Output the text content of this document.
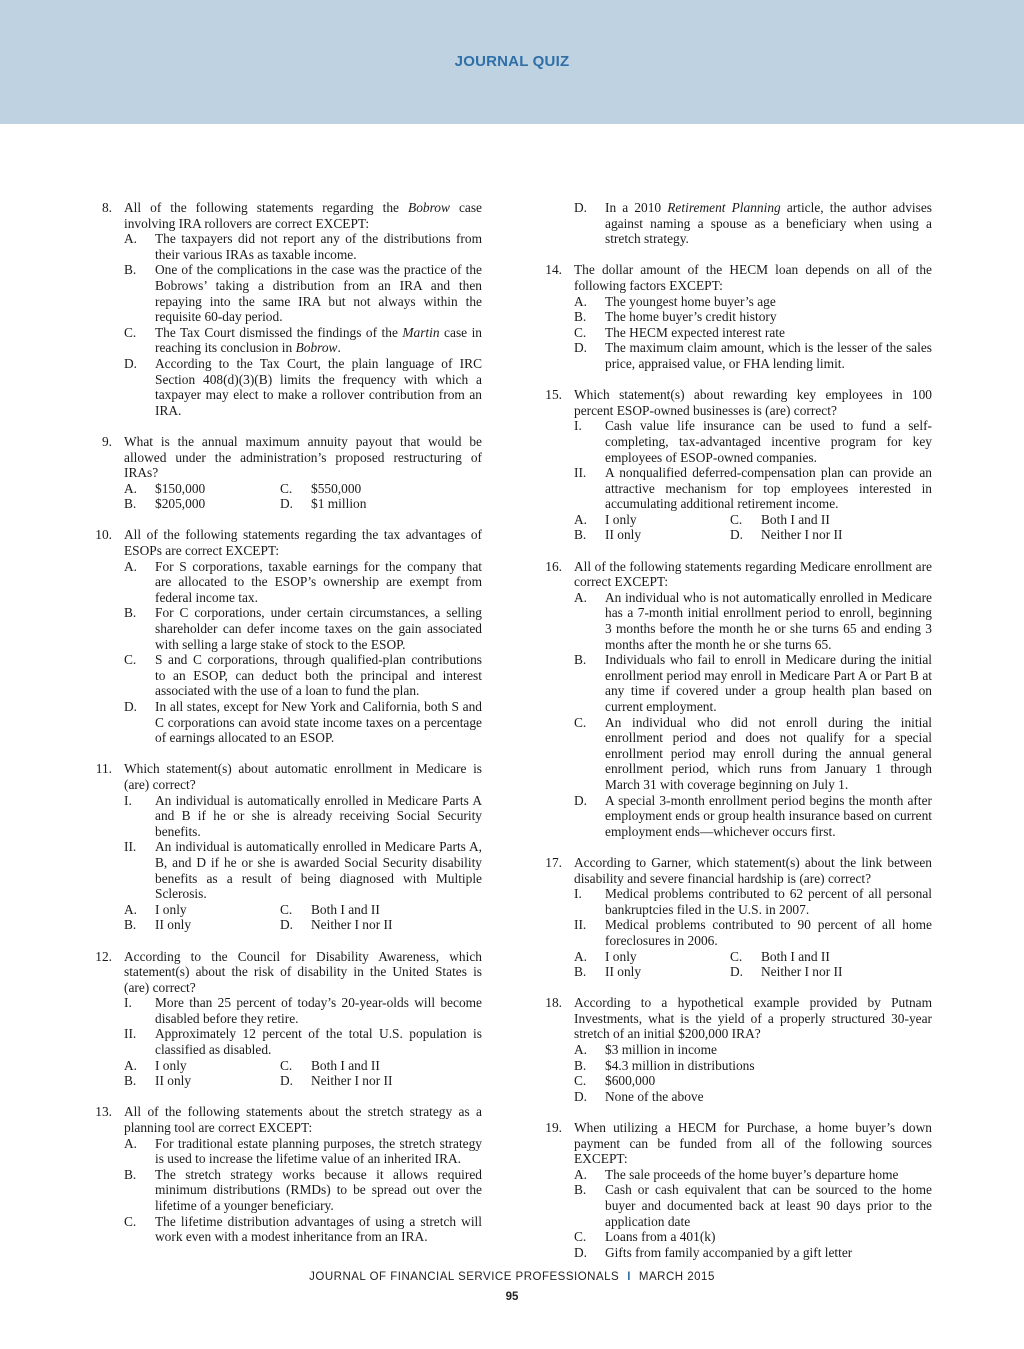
JOURNAL QUIZ
8. All of the following statements regarding the Bobrow case involving IRA rollovers are correct EXCEPT:
A. The taxpayers did not report any of the distributions from their various IRAs as taxable income.
B. One of the complications in the case was the practice of the Bobrows’ taking a distribution from an IRA and then repaying into the same IRA but not always within the requisite 60-day period.
C. The Tax Court dismissed the findings of the Martin case in reaching its conclusion in Bobrow.
D. According to the Tax Court, the plain language of IRC Section 408(d)(3)(B) limits the frequency with which a taxpayer may elect to make a rollover contribution from an IRA.
9. What is the annual maximum annuity payout that would be allowed under the administration’s proposed restructuring of IRAs?
A. $150,000	C. $550,000
B. $205,000	D. $1 million
10. All of the following statements regarding the tax advantages of ESOPs are correct EXCEPT:
A. For S corporations, taxable earnings for the company that are allocated to the ESOP’s ownership are exempt from federal income tax.
B. For C corporations, under certain circumstances, a selling shareholder can defer income taxes on the gain associated with selling a large stake of stock to the ESOP.
C. S and C corporations, through qualified-plan contributions to an ESOP, can deduct both the principal and interest associated with the use of a loan to fund the plan.
D. In all states, except for New York and California, both S and C corporations can avoid state income taxes on a percentage of earnings allocated to an ESOP.
11. Which statement(s) about automatic enrollment in Medicare is (are) correct?
I. An individual is automatically enrolled in Medicare Parts A and B if he or she is already receiving Social Security benefits.
II. An individual is automatically enrolled in Medicare Parts A, B, and D if he or she is awarded Social Security disability benefits as a result of being diagnosed with Multiple Sclerosis.
A. I only	C. Both I and II
B. II only	D. Neither I nor II
12. According to the Council for Disability Awareness, which statement(s) about the risk of disability in the United States is (are) correct?
I. More than 25 percent of today’s 20-year-olds will become disabled before they retire.
II. Approximately 12 percent of the total U.S. population is classified as disabled.
A. I only	C. Both I and II
B. II only	D. Neither I nor II
13. All of the following statements about the stretch strategy as a planning tool are correct EXCEPT:
A. For traditional estate planning purposes, the stretch strategy is used to increase the lifetime value of an inherited IRA.
B. The stretch strategy works because it allows required minimum distributions (RMDs) to be spread out over the lifetime of a younger beneficiary.
C. The lifetime distribution advantages of using a stretch will work even with a modest inheritance from an IRA.
D. In a 2010 Retirement Planning article, the author advises against naming a spouse as a beneficiary when using a stretch strategy.
14. The dollar amount of the HECM loan depends on all of the following factors EXCEPT:
A. The youngest home buyer’s age
B. The home buyer’s credit history
C. The HECM expected interest rate
D. The maximum claim amount, which is the lesser of the sales price, appraised value, or FHA lending limit.
15. Which statement(s) about rewarding key employees in 100 percent ESOP-owned businesses is (are) correct?
I. Cash value life insurance can be used to fund a self-completing, tax-advantaged incentive program for key employees of ESOP-owned companies.
II. A nonqualified deferred-compensation plan can provide an attractive mechanism for top employees interested in accumulating additional retirement income.
A. I only	C. Both I and II
B. II only	D. Neither I nor II
16. All of the following statements regarding Medicare enrollment are correct EXCEPT:
A. An individual who is not automatically enrolled in Medicare has a 7-month initial enrollment period to enroll, beginning 3 months before the month he or she turns 65 and ending 3 months after the month he or she turns 65.
B. Individuals who fail to enroll in Medicare during the initial enrollment period may enroll in Medicare Part A or Part B at any time if covered under a group health plan based on current employment.
C. An individual who did not enroll during the initial enrollment period and does not qualify for a special enrollment period may enroll during the annual general enrollment period, which runs from January 1 through March 31 with coverage beginning on July 1.
D. A special 3-month enrollment period begins the month after employment ends or group health insurance based on current employment ends—whichever occurs first.
17. According to Garner, which statement(s) about the link between disability and severe financial hardship is (are) correct?
I. Medical problems contributed to 62 percent of all personal bankruptcies filed in the U.S. in 2007.
II. Medical problems contributed to 90 percent of all home foreclosures in 2006.
A. I only	C. Both I and II
B. II only	D. Neither I nor II
18. According to a hypothetical example provided by Putnam Investments, what is the yield of a properly structured 30-year stretch of an initial $200,000 IRA?
A. $3 million in income
B. $4.3 million in distributions
C. $600,000
D. None of the above
19. When utilizing a HECM for Purchase, a home buyer’s down payment can be funded from all of the following sources EXCEPT:
A. The sale proceeds of the home buyer’s departure home
B. Cash or cash equivalent that can be sourced to the home buyer and documented back at least 90 days prior to the application date
C. Loans from a 401(k)
D. Gifts from family accompanied by a gift letter
JOURNAL OF FINANCIAL SERVICE PROFESSIONALS I MARCH 2015
95
